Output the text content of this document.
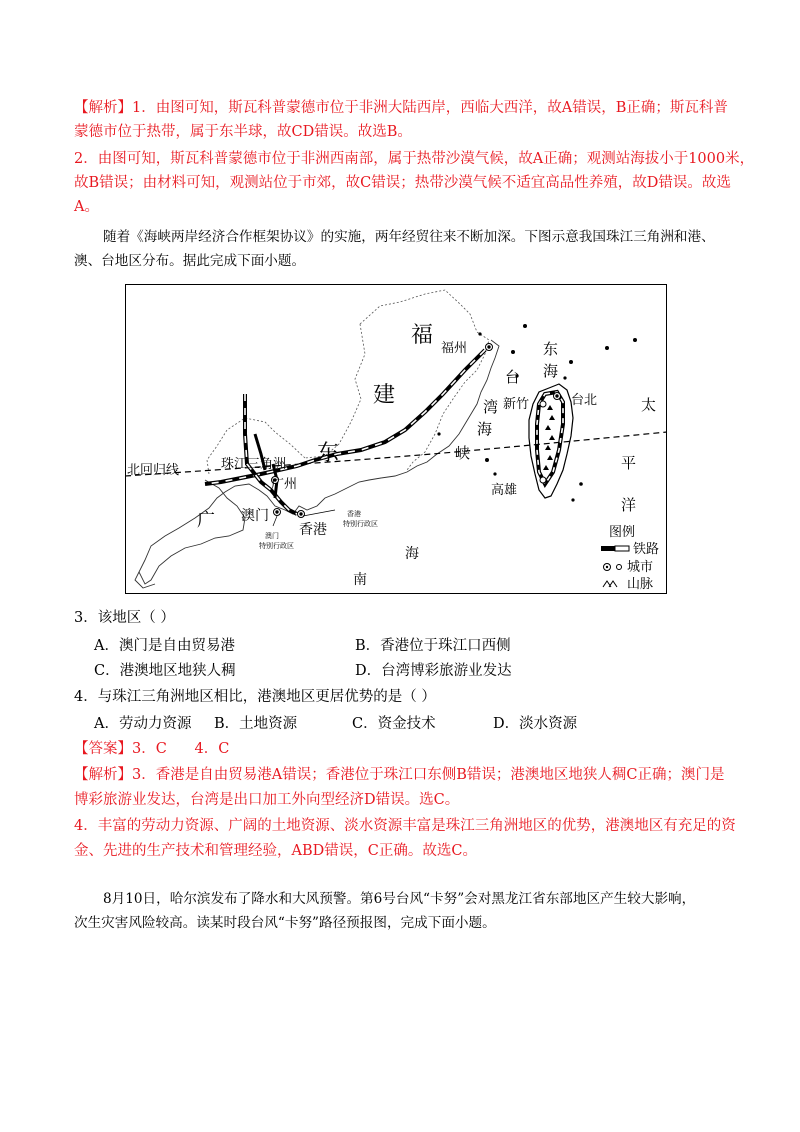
【解析】1．由图可知，斯瓦科普蒙德市位于非洲大陆西岸，西临大西洋，故A错误，B正确；斯瓦科普
蒙德市位于热带，属于东半球，故CD错误。故选B。
2．由图可知，斯瓦科普蒙德市位于非洲西南部，属于热带沙漠气候，故A正确；观测站海拔小于1000米，
故B错误；由材料可知，观测站位于市郊，故C错误；热带沙漠气候不适宜高品性养殖，故D错误。故选
A。
随着《海峡两岸经济合作框架协议》的实施，两年经贸往来不断加深。下图示意我国珠江三角洲和港、
澳、台地区分布。据此完成下面小题。
福
建
福州	东
海
台
湾
海
峡
新竹	台北	太
平
洋
高雄
东
珠江三角洲
广州
北回归线
广 澳门
香港
香港
特别行政区
澳门
特别行政区	海
南
图例
铁路
城市
山脉
3．该地区（ ）
A．澳门是自由贸易港	B．香港位于珠江口西侧
C．港澳地区地狭人稠	D．台湾博彩旅游业发达
4．与珠江三角洲地区相比，港澳地区更居优势的是（ ）
A．劳动力资源 B．土地资源	C．资金技术	D．淡水资源
【答案】3．C      4．C
【解析】3．香港是自由贸易港A错误；香港位于珠江口东侧B错误；港澳地区地狭人稠C正确；澳门是
博彩旅游业发达，台湾是出口加工外向型经济D错误。选C。
4．丰富的劳动力资源、广阔的土地资源、淡水资源丰富是珠江三角洲地区的优势，港澳地区有充足的资
金、先进的生产技术和管理经验，ABD错误，C正确。故选C。
8月10日，哈尔滨发布了降水和大风预警。第6号台风“卡努”会对黑龙江省东部地区产生较大影响，
次生灾害风险较高。读某时段台风“卡努”路径预报图，完成下面小题。
